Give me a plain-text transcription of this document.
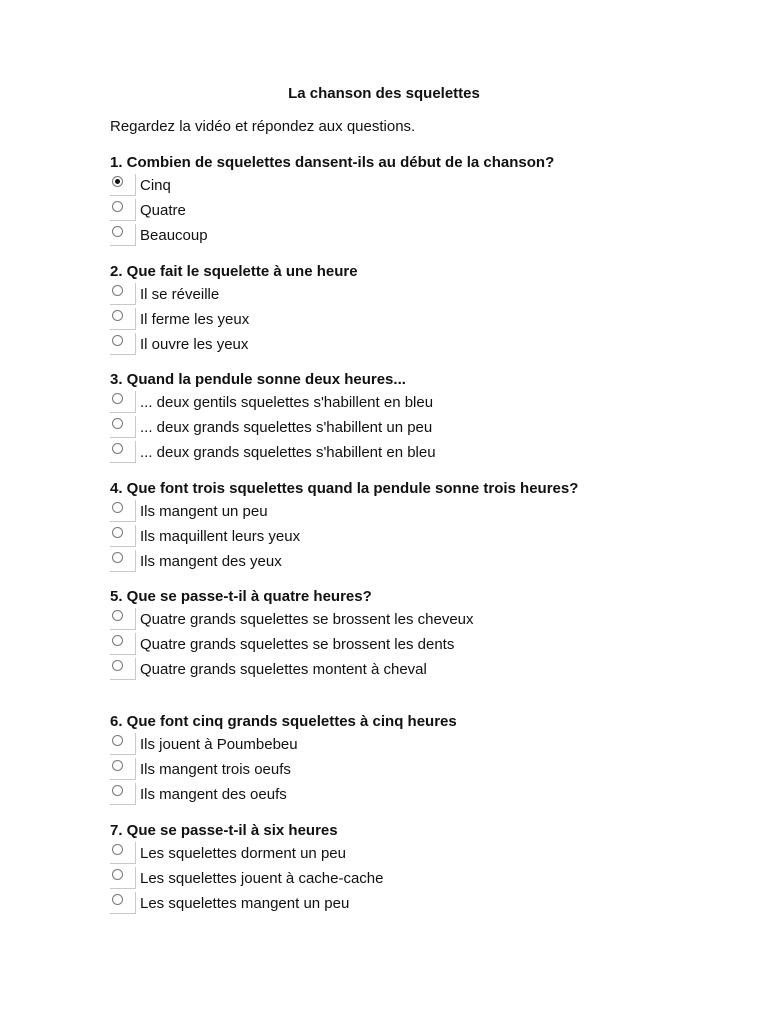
La chanson des squelettes
Regardez la vidéo et répondez aux questions.
1. Combien de squelettes dansent-ils au début de la chanson?
Cinq
Quatre
Beaucoup
2. Que fait le squelette à une heure
Il se réveille
Il ferme les yeux
Il ouvre les yeux
3. Quand la pendule sonne deux heures...
... deux gentils squelettes s'habillent en bleu
... deux grands squelettes s'habillent un peu
... deux grands squelettes s'habillent en bleu
4. Que font trois squelettes quand la pendule sonne trois heures?
Ils mangent un peu
Ils maquillent leurs yeux
Ils mangent des yeux
5. Que se passe-t-il à quatre heures?
Quatre grands squelettes se brossent les cheveux
Quatre grands squelettes se brossent les dents
Quatre grands squelettes montent à cheval
6. Que font cinq grands squelettes à cinq heures
Ils jouent à Poumbebeu
Ils mangent trois oeufs
Ils mangent des oeufs
7. Que se passe-t-il à six heures
Les squelettes dorment un peu
Les squelettes jouent à cache-cache
Les squelettes mangent un peu
